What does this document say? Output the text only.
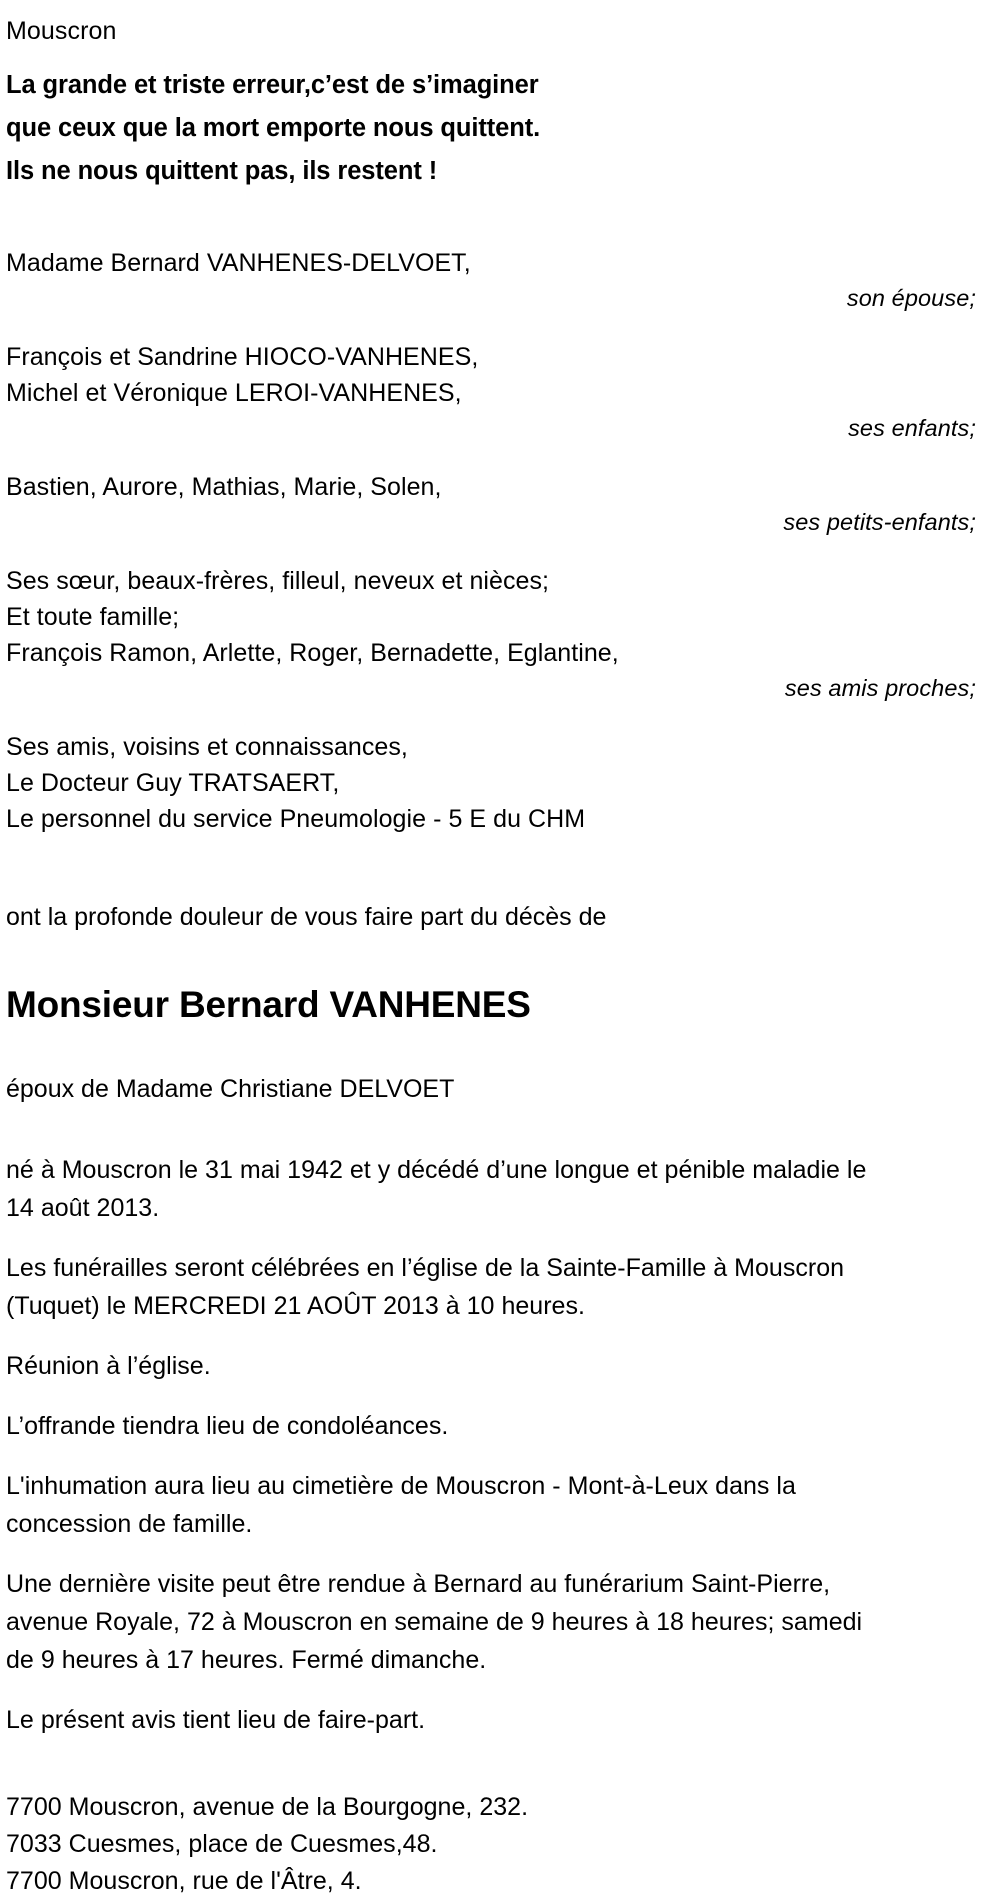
Mouscron
La grande et triste erreur,c’est de s’imaginer
que ceux que la mort emporte nous quittent.
Ils ne nous quittent pas, ils restent !
Madame Bernard VANHENES-DELVOET,
son épouse;
François et Sandrine HIOCO-VANHENES,
Michel et Véronique LEROI-VANHENES,
ses enfants;
Bastien, Aurore, Mathias, Marie, Solen,
ses petits-enfants;
Ses sœur, beaux-frères, filleul, neveux et nièces;
Et toute famille;
François Ramon, Arlette, Roger, Bernadette, Eglantine,
ses amis proches;
Ses amis, voisins et connaissances,
Le Docteur Guy TRATSAERT,
Le personnel du service Pneumologie - 5 E du CHM
ont la profonde douleur de vous faire part du décès de
Monsieur Bernard VANHENES
époux de Madame Christiane DELVOET

né à Mouscron le 31 mai 1942 et y décédé d’une longue et pénible maladie le 14 août 2013.

Les funérailles seront célébrées en l’église de la Sainte-Famille à Mouscron (Tuquet) le MERCREDI 21 AOÛT 2013 à 10 heures.

Réunion à l’église.

L’offrande tiendra lieu de condoléances.

L'inhumation aura lieu au cimetière de Mouscron - Mont-à-Leux dans la concession de famille.

Une dernière visite peut être rendue à Bernard au funérarium Saint-Pierre, avenue Royale, 72 à Mouscron en semaine de 9 heures à 18 heures; samedi de 9 heures à 17 heures. Fermé dimanche.

Le présent avis tient lieu de faire-part.

7700 Mouscron, avenue de la Bourgogne, 232.
7033 Cuesmes, place de Cuesmes,48.
7700 Mouscron, rue de l'Âtre, 4.
